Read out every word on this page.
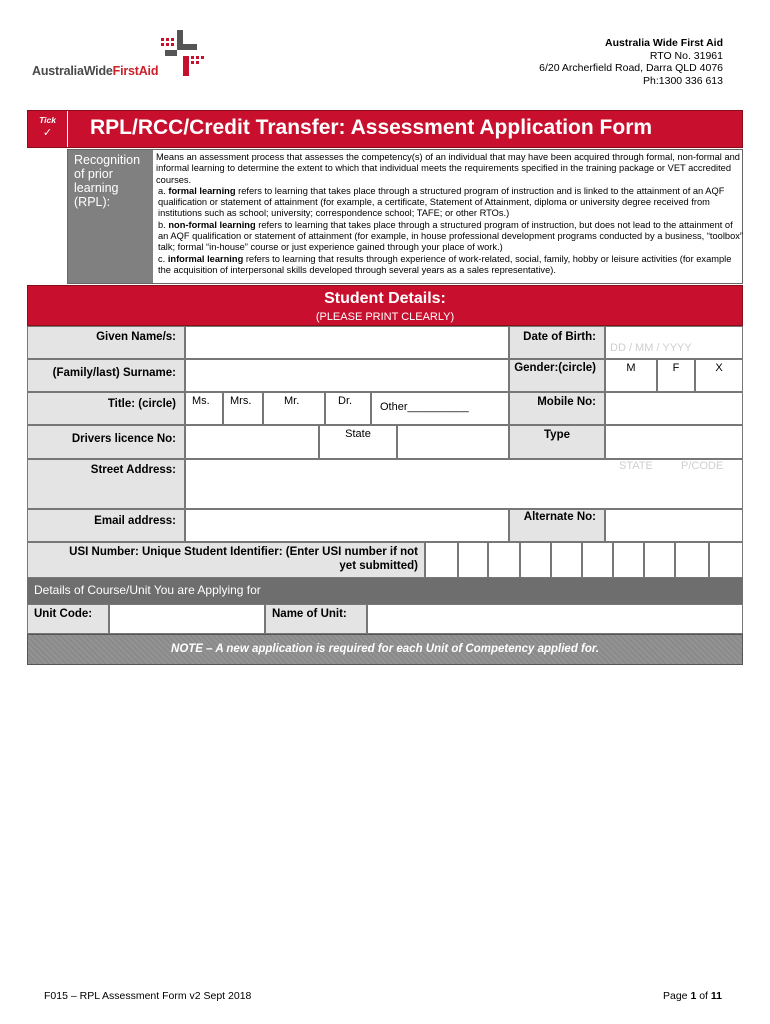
AustraliaWideFirstAid
Australia Wide First Aid
RTO No. 31961
6/20 Archerfield Road, Darra QLD 4076
Ph:1300 336 613
Tick
✓	RPL/RCC/Credit Transfer: Assessment Application Form
Recognition of prior learning (RPL):

Means an assessment process that assesses the competency(s) of an individual that may have been acquired through formal, non-formal and informal learning to determine the extent to which that individual meets the requirements specified in the training package or VET accredited courses.

a. formal learning refers to learning that takes place through a structured program of instruction and is linked to the attainment of an AQF qualification or statement of attainment (for example, a certificate, Statement of Attainment, diploma or university degree received from institutions such as school; university; correspondence school; TAFE; or other RTOs.)

b. non-formal learning refers to learning that takes place through a structured program of instruction, but does not lead to the attainment of an AQF qualification or statement of attainment (for example, in house professional development programs conducted by a business, “toolbox” talk; formal “in-house” course or just experience gained through your place of work.)

c. informal learning refers to learning that results through experience of work-related, social, family, hobby or leisure activities (for example the acquisition of interpersonal skills developed through several years as a sales representative).

Student Details:
(PLEASE PRINT CLEARLY)
Given Name/s:	Date of Birth:
DD / MM / YYYY
(Family/last) Surname:	Gender:(circle)	M	F	X
Title: (circle)	Ms.	Mrs.	Mr.	Dr.	Other__________	Mobile No:
Drivers licence No:	State	Type
Street Address:	STATE	P/CODE
Email address:	Alternate No:
USI Number: Unique Student Identifier: (Enter USI number if not
yet submitted)
Details of Course/Unit You are Applying for
Unit Code:	Name of Unit:
NOTE – A new application is required for each Unit of Competency applied for.
F015 – RPL Assessment Form v2 Sept 2018	Page 1 of 11
